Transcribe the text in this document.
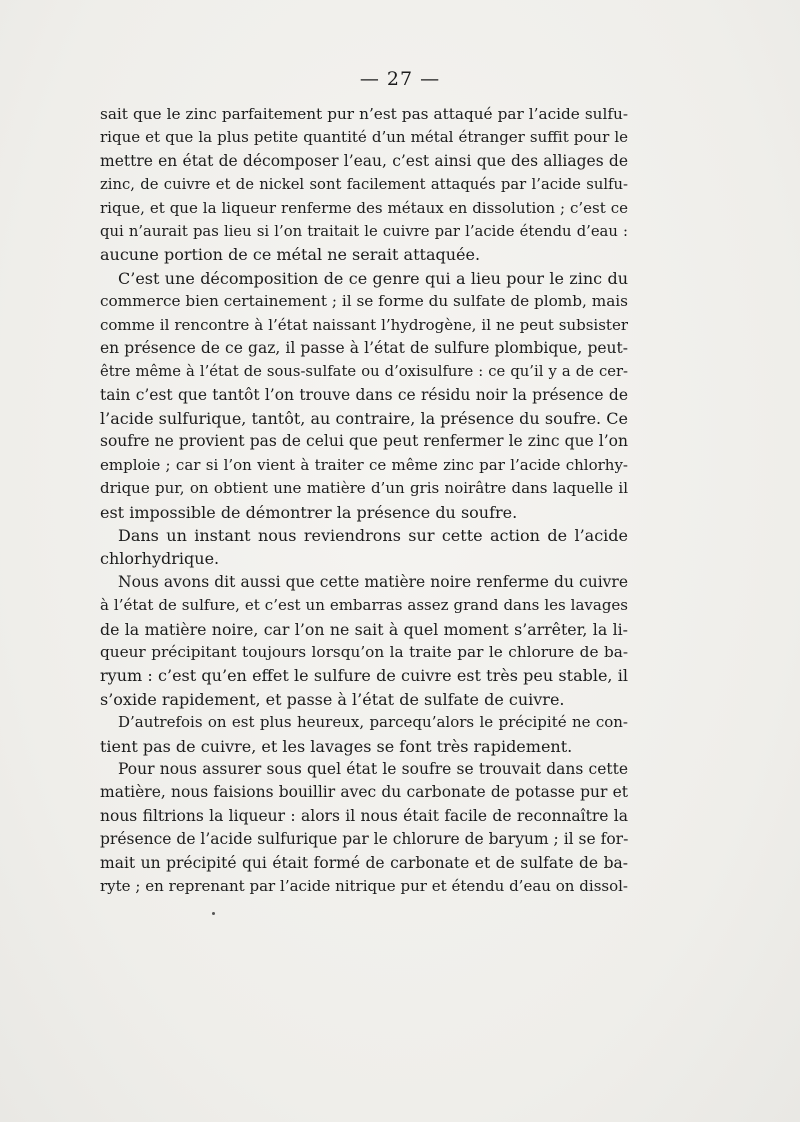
— 27 —
sait que le zinc parfaitement pur n’est pas attaqué par l’acide sulfu-
rique et que la plus petite quantité d’un métal étranger suffit pour le
mettre en état de décomposer l’eau, c’est ainsi que des alliages de
zinc, de cuivre et de nickel sont facilement attaqués par l’acide sulfu-
rique, et que la liqueur renferme des métaux en dissolution ; c’est ce
qui n’aurait pas lieu si l’on traitait le cuivre par l’acide étendu d’eau :
aucune portion de ce métal ne serait attaquée.
C’est une décomposition de ce genre qui a lieu pour le zinc du
commerce bien certainement ; il se forme du sulfate de plomb, mais
comme il rencontre à l’état naissant l’hydrogène, il ne peut subsister
en présence de ce gaz, il passe à l’état de sulfure plombique, peut-
être même à l’état de sous-sulfate ou d’oxisulfure : ce qu’il y a de cer-
tain c’est que tantôt l’on trouve dans ce résidu noir la présence de
l’acide sulfurique, tantôt, au contraire, la présence du soufre. Ce
soufre ne provient pas de celui que peut renfermer le zinc que l’on
emploie ; car si l’on vient à traiter ce même zinc par l’acide chlorhy-
drique pur, on obtient une matière d’un gris noirâtre dans laquelle il
est impossible de démontrer la présence du soufre.
Dans un instant nous reviendrons sur cette action de l’acide
chlorhydrique.
Nous avons dit aussi que cette matière noire renferme du cuivre
à l’état de sulfure, et c’est un embarras assez grand dans les lavages
de la matière noire, car l’on ne sait à quel moment s’arrêter, la li-
queur précipitant toujours lorsqu’on la traite par le chlorure de ba-
ryum : c’est qu’en effet le sulfure de cuivre est très peu stable, il
s’oxide rapidement, et passe à l’état de sulfate de cuivre.
D’autrefois on est plus heureux, parcequ’alors le précipité ne con-
tient pas de cuivre, et les lavages se font très rapidement.
Pour nous assurer sous quel état le soufre se trouvait dans cette
matière, nous faisions bouillir avec du carbonate de potasse pur et
nous filtrions la liqueur : alors il nous était facile de reconnaître la
présence de l’acide sulfurique par le chlorure de baryum ; il se for-
mait un précipité qui était formé de carbonate et de sulfate de ba-
ryte ; en reprenant par l’acide nitrique pur et étendu d’eau on dissol-
